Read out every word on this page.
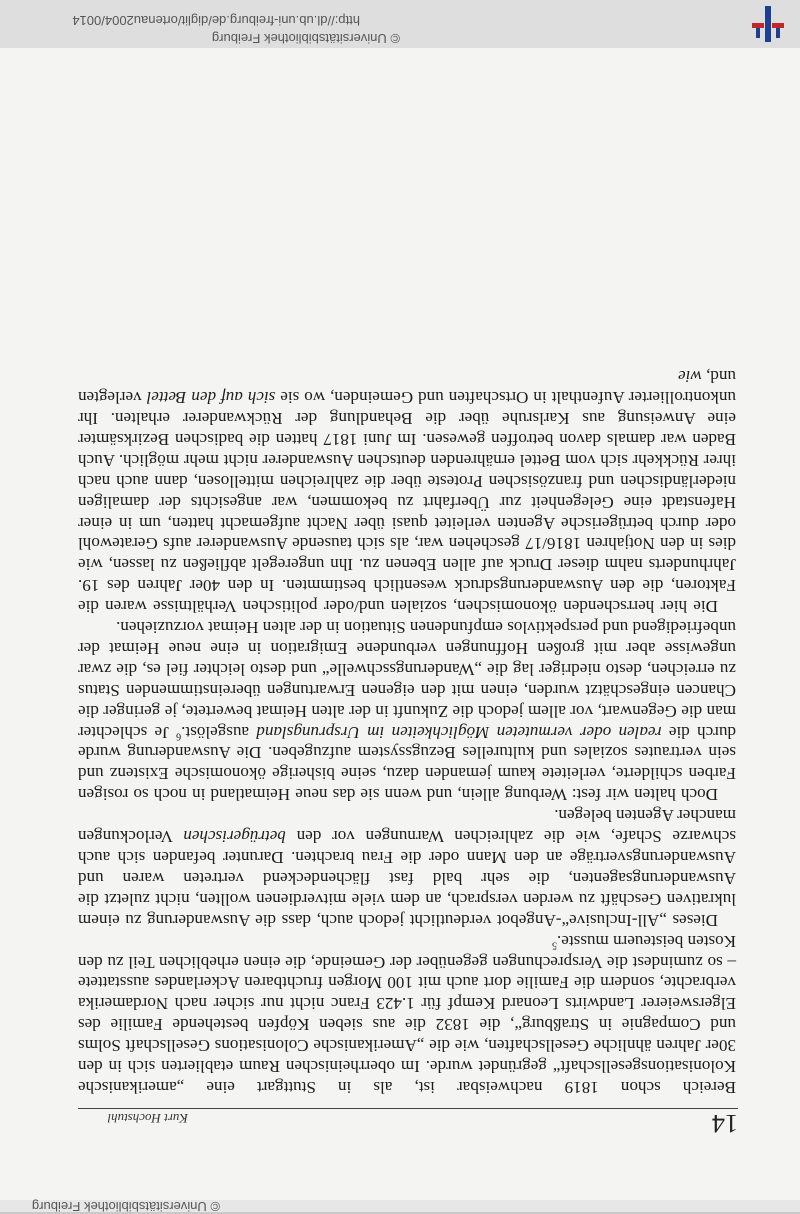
© Universitätsbibliothek Freiburg
14
Kurt Hochstuhl

Bereich schon 1819 nachweisbar ist, als in Stuttgart eine „amerikanische Kolonisationsgesellschaft“ gegründet wurde. Im oberrheinischen Raum etablierten sich in den 30er Jahren ähnliche Gesellschaften, wie die „Amerikanische Colonisations Gesellschaft Solms und Compagnie in Straßburg“, die 1832 die aus sieben Köpfen bestehende Familie des Elgersweierer Landwirts Leonard Kempf für 1.423 Franc nicht nur sicher nach Nordamerika verbrachte, sondern die Familie dort auch mit 100 Morgen fruchtbaren Ackerlandes ausstattete – so zumindest die Versprechungen gegenüber der Gemeinde, die einen erheblichen Teil zu den Kosten beisteuern musste.$^5$

Dieses „All-Inclusive“-Angebot verdeutlicht jedoch auch, dass die Auswanderung zu einem lukrativen Geschäft zu werden versprach, an dem viele mitverdienen wollten, nicht zuletzt die Auswanderungsagenten, die sehr bald fast flächendeckend vertreten waren und Auswanderungsverträge an den Mann oder die Frau brachten. Darunter befanden sich auch schwarze Schafe, wie die zahlreichen Warnungen vor den betrügerischen Verlockungen mancher Agenten belegen.

Doch halten wir fest: Werbung allein, und wenn sie das neue Heimatland in noch so rosigen Farben schilderte, verleitete kaum jemanden dazu, seine bisherige ökonomische Existenz und sein vertrautes soziales und kulturelles Bezugssystem aufzugeben. Die Auswanderung wurde durch die realen oder vermuteten Möglichkeiten im Ursprungsland ausgelöst.$^6$ Je schlechter man die Gegenwart, vor allem jedoch die Zukunft in der alten Heimat bewertete, je geringer die Chancen eingeschätzt wurden, einen mit den eigenen Erwartungen übereinstimmenden Status zu erreichen, desto niedriger lag die „Wanderungsschwelle“ und desto leichter fiel es, die zwar ungewisse aber mit großen Hoffnungen verbundene Emigration in eine neue Heimat der unbefriedigend und perspektivlos empfundenen Situation in der alten Heimat vorzuziehen.

Die hier herrschenden ökonomischen, sozialen und/oder politischen Verhältnisse waren die Faktoren, die den Auswanderungsdruck wesentlich bestimmten. In den 40er Jahren des 19. Jahrhunderts nahm dieser Druck auf allen Ebenen zu. Ihn ungeregelt abfließen zu lassen, wie dies in den Notjahren 1816/17 geschehen war, als sich tausende Auswanderer aufs Geratewohl oder durch betrügerische Agenten verleitet quasi über Nacht aufgemacht hatten, um in einer Hafenstadt eine Gelegenheit zur Überfahrt zu bekommen, war angesichts der damaligen niederländischen und französischen Proteste über die zahlreichen mittellosen, dann auch nach ihrer Rückkehr sich vom Bettel ernährenden deutschen Auswanderer nicht mehr möglich. Auch Baden war damals davon betroffen gewesen. Im Juni 1817 hatten die badischen Bezirksämter eine Anweisung aus Karlsruhe über die Behandlung der Rückwanderer erhalten. Ihr unkontrollierter Aufenthalt in Ortschaften und Gemeinden, wo sie sich auf den Bettel verlegten und, wie

© Universitätsbibliothek Freiburg
http://dl.ub.uni-freiburg.de/diglit/ortenau2004/0014
